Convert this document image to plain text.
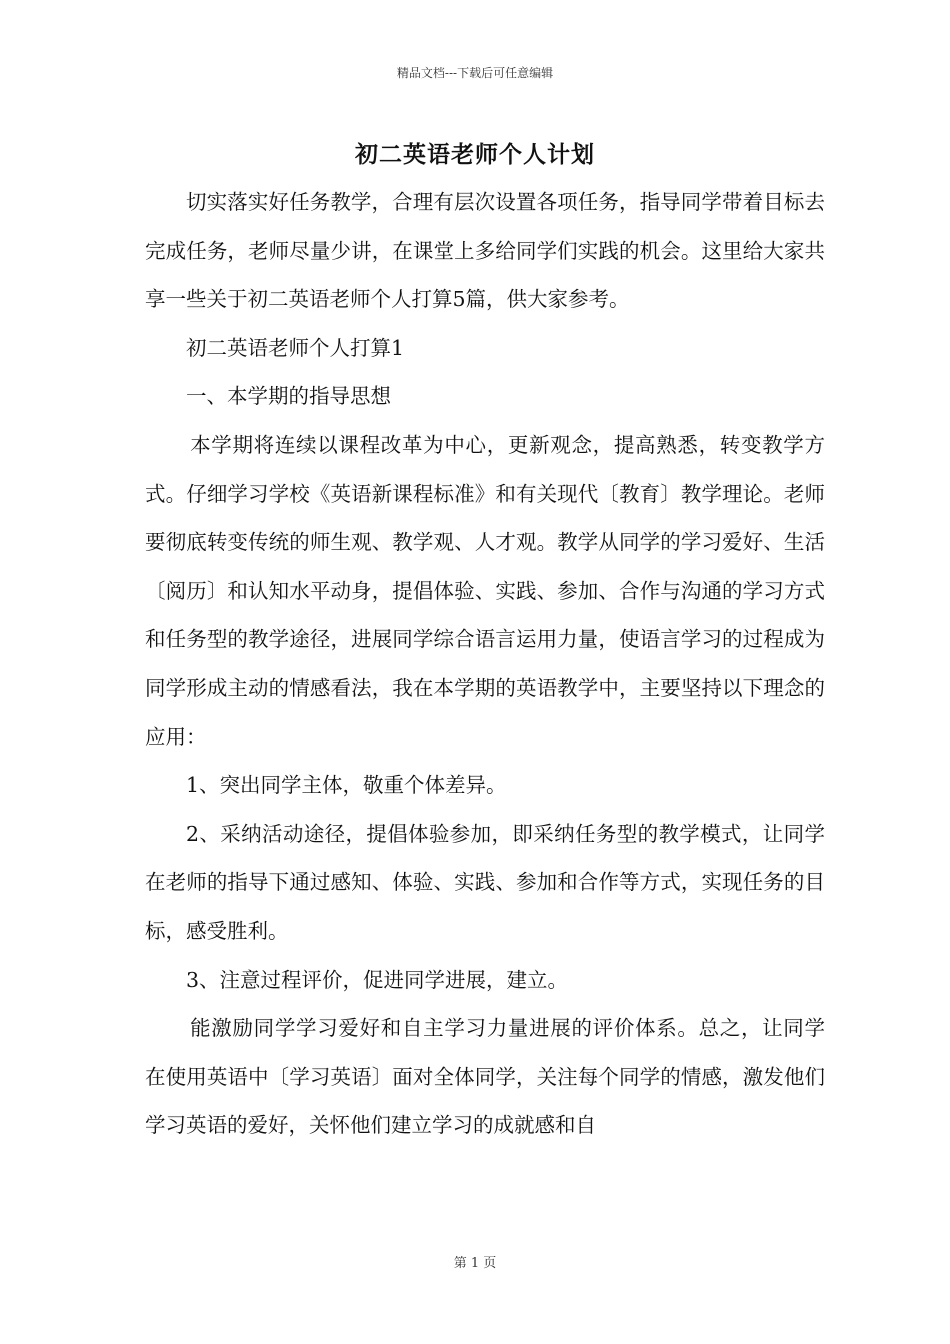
精品文档---下载后可任意编辑
初二英语老师个人计划

切实落实好任务教学，合理有层次设置各项任务，指导同学带着目标去完成任务，老师尽量少讲，在课堂上多给同学们实践的机会。这里给大家共享一些关于初二英语老师个人打算5篇，供大家参考。

初二英语老师个人打算1

一、本学期的指导思想

本学期将连续以课程改革为中心，更新观念，提高熟悉，转变教学方式。仔细学习学校《英语新课程标准》和有关现代〔教育〕教学理论。老师要彻底转变传统的师生观、教学观、人才观。教学从同学的学习爱好、生活〔阅历〕和认知水平动身，提倡体验、实践、参加、合作与沟通的学习方式和任务型的教学途径，进展同学综合语言运用力量，使语言学习的过程成为同学形成主动的情感看法，我在本学期的英语教学中，主要坚持以下理念的应用：

1、突出同学主体，敬重个体差异。

2、采纳活动途径，提倡体验参加，即采纳任务型的教学模式，让同学在老师的指导下通过感知、体验、实践、参加和合作等方式，实现任务的目标，感受胜利。

3、注意过程评价，促进同学进展，建立。

能激励同学学习爱好和自主学习力量进展的评价体系。总之，让同学在使用英语中〔学习英语〕面对全体同学，关注每个同学的情感，激发他们学习英语的爱好，关怀他们建立学习的成就感和自

第 1 页
